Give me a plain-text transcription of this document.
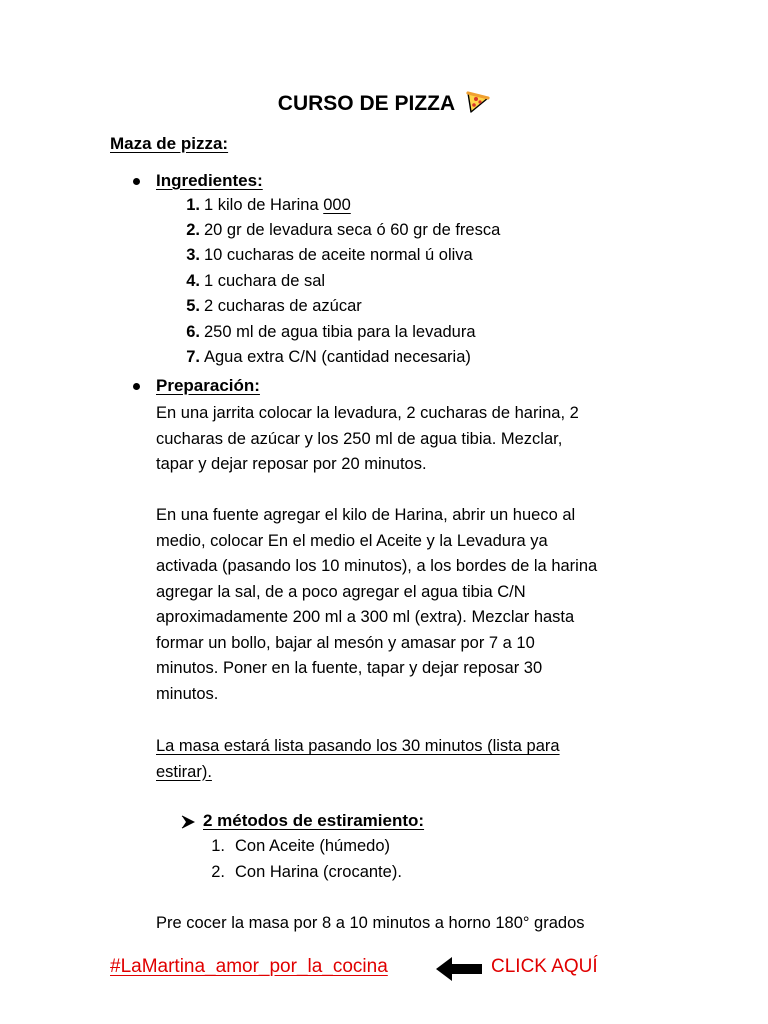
CURSO DE PIZZA
Maza de pizza:
Ingredientes:
1. 1 kilo de Harina 000
2. 20 gr de levadura seca ó 60 gr de fresca
3. 10 cucharas de aceite normal ú oliva
4. 1 cuchara de sal
5. 2 cucharas de azúcar
6. 250 ml de agua tibia para la levadura
7. Agua extra C/N (cantidad necesaria)
Preparación:
En una jarrita colocar la levadura, 2 cucharas de harina, 2
cucharas de azúcar y los 250 ml de agua tibia. Mezclar,
tapar y dejar reposar por 20 minutos.
En una fuente agregar el kilo de Harina, abrir un hueco al
medio, colocar En el medio el Aceite y la Levadura ya
activada (pasando los 10 minutos), a los bordes de la harina
agregar la sal, de a poco agregar el agua tibia C/N
aproximadamente 200 ml a 300 ml (extra). Mezclar hasta
formar un bollo, bajar al mesón y amasar por 7 a 10
minutos. Poner en la fuente, tapar y dejar reposar 30
minutos.
La masa estará lista pasando los 30 minutos (lista para
estirar).
2 métodos de estiramiento:
1. Con Aceite (húmedo)
2. Con Harina (crocante).
Pre cocer la masa por 8 a 10 minutos a horno 180° grados
#LaMartina_amor_por_la_cocina	CLICK AQUÍ
